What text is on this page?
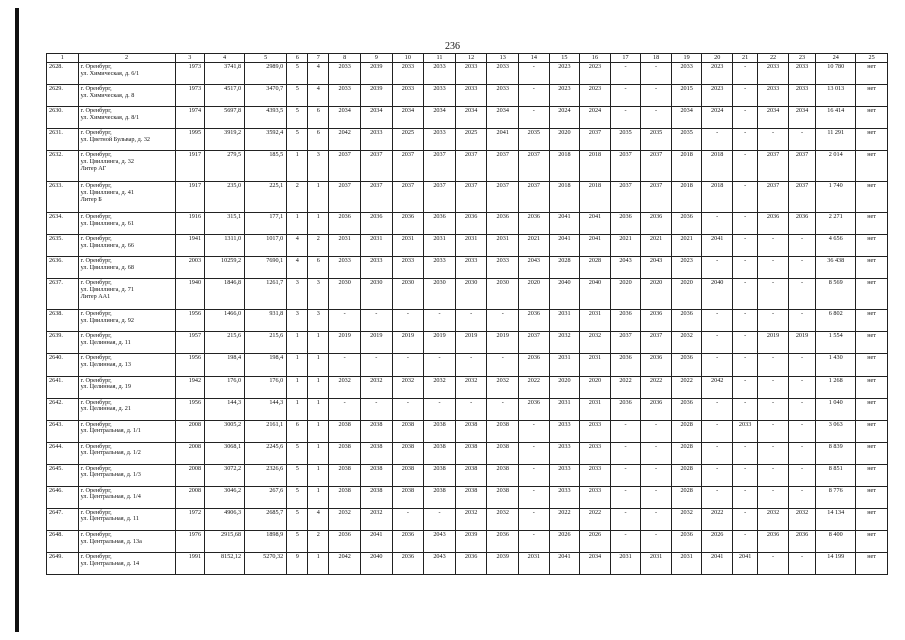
236
1	2	3	4	5	6	7	8	9	10	11	12	13	14	15	16	17	18	19	20	21	22	23	24	25
2628.	г. Оренбург,
ул. Химическая, д. 6/1	1973	3741,8	2989,0	5	4	2033	2039	2033	2033	2033	2033	-	2023	2023	-	-	2033	2023	-	2033	2033	10 780	нет
2629.	г. Оренбург,
ул. Химическая, д. 8	1973	4517,0	3470,7	5	4	2033	2039	2033	2033	2033	2033	-	2023	2023	-	-	2015	2023	-	2033	2033	13 013	нет
2630.	г. Оренбург,
ул. Химическая, д. 8/1	1974	5697,8	4393,5	5	6	2034	2034	2034	2034	2034	2034	-	2024	2024	-	-	2034	2024	-	2034	2034	16 414	нет
2631.	г. Оренбург,
ул. Цветной Бульвар, д. 32	1995	3919,2	3592,4	5	6	2042	2033	2025	2033	2025	2041	2035	2020	2037	2035	2035	2035	-	-	-	-	11 291	нет
2632.	г. Оренбург,
ул. Цвиллинга, д. 32
Литер АГ	1917	279,5	185,5	1	3	2037	2037	2037	2037	2037	2037	2037	2018	2018	2037	2037	2018	2018	-	2037	2037	2 014	нет
2633.	г. Оренбург,
ул. Цвиллинга, д. 41
Литер Б	1917	235,0	225,1	2	1	2037	2037	2037	2037	2037	2037	2037	2018	2018	2037	2037	2018	2018	-	2037	2037	1 740	нет
2634.	г. Оренбург,
ул. Цвиллинга, д. 61	1916	315,1	177,1	1	1	2036	2036	2036	2036	2036	2036	2036	2041	2041	2036	2036	2036	-	-	2036	2036	2 271	нет
2635.	г. Оренбург,
ул. Цвиллинга, д. 66	1941	1311,0	1017,0	4	2	2031	2031	2031	2031	2031	2031	2021	2041	2041	2021	2021	2021	2041	-	-	-	4 656	нет
2636.	г. Оренбург,
ул. Цвиллинга, д. 68	2003	10259,2	7690,1	4	6	2033	2033	2033	2033	2033	2033	2043	2028	2028	2043	2043	2023	-	-	-	-	36 438	нет
2637.	г. Оренбург,
ул. Цвиллинга, д. 71
Литер АА1	1940	1846,8	1261,7	3	3	2030	2030	2030	2030	2030	2030	2020	2040	2040	2020	2020	2020	2040	-	-	-	8 569	нет
2638.	г. Оренбург,
ул. Цвиллинга, д. 92	1956	1466,0	931,8	3	3	-	-	-	-	-	-	2036	2031	2031	2036	2036	2036	-	-	-	-	6 802	нет
2639.	г. Оренбург,
ул. Целинная, д. 11	1957	215,6	215,6	1	1	2019	2019	2019	2019	2019	2019	2037	2032	2032	2037	2037	2032	-	-	2019	2019	1 554	нет
2640.	г. Оренбург,
ул. Целинная, д. 13	1956	198,4	198,4	1	1	-	-	-	-	-	-	2036	2031	2031	2036	2036	2036	-	-	-	-	1 430	нет
2641.	г. Оренбург,
ул. Целинная, д. 19	1942	176,0	176,0	1	1	2032	2032	2032	2032	2032	2032	2022	2020	2020	2022	2022	2022	2042	-	-	-	1 268	нет
2642.	г. Оренбург,
ул. Целинная, д. 21	1956	144,3	144,3	1	1	-	-	-	-	-	-	2036	2031	2031	2036	2036	2036	-	-	-	-	1 040	нет
2643.	г. Оренбург,
ул. Центральная, д. 1/1	2008	3005,2	2161,1	6	1	2038	2038	2038	2038	2038	2038	-	2033	2033	-	-	2028	-	2033	-	-	3 063	нет
2644.	г. Оренбург,
ул. Центральная, д. 1/2	2008	3068,1	2245,6	5	1	2038	2038	2038	2038	2038	2038	-	2033	2033	-	-	2028	-	-	-	-	8 839	нет
2645.	г. Оренбург,
ул. Центральная, д. 1/3	2008	3072,2	2326,6	5	1	2038	2038	2038	2038	2038	2038	-	2033	2033	-	-	2028	-	-	-	-	8 851	нет
2646.	г. Оренбург,
ул. Центральная, д. 1/4	2008	3046,2	267,6	5	1	2038	2038	2038	2038	2038	2038	-	2033	2033	-	-	2028	-	-	-	-	8 776	нет
2647.	г. Оренбург,
ул. Центральная, д. 11	1972	4906,3	2685,7	5	4	2032	2032	-	-	2032	2032	-	2022	2022	-	-	2032	2022	-	2032	2032	14 134	нет
2648.	г. Оренбург,
ул. Центральная, д. 13а	1976	2915,68	1898,9	5	2	2036	2041	2036	2043	2039	2036	-	2026	2026	-	-	2036	2026	-	2036	2036	8 400	нет
2649.	г. Оренбург,
ул. Центральная, д. 14	1991	8152,12	5270,32	9	1	2042	2040	2036	2043	2036	2039	2031	2041	2034	2031	2031	2031	2041	2041	-	-	14 199	нет
